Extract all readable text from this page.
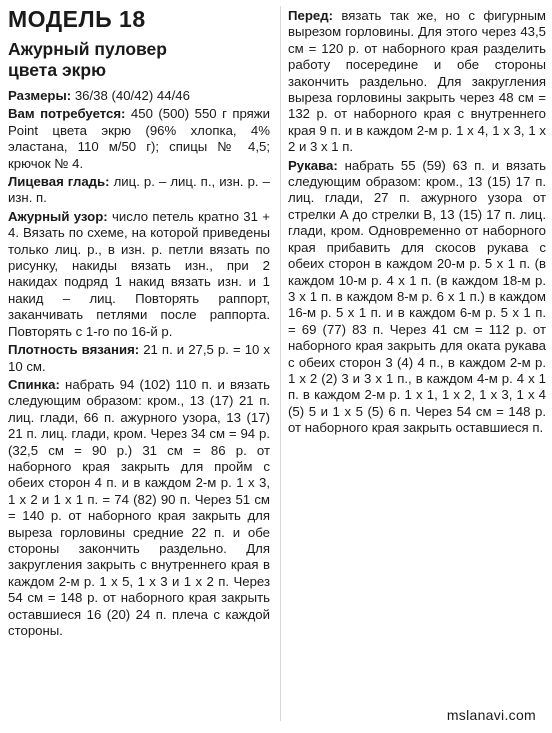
МОДЕЛЬ 18
Ажурный пуловер
цвета экрю

Размеры: 36/38 (40/42) 44/46

Вам потребуется: 450 (500) 550 г пряжи Point цвета экрю (96% хлопка, 4% эластана, 110 м/50 г); спицы № 4,5; крючок № 4.

Лицевая гладь: лиц. р. – лиц. п., изн. р. – изн. п.

Ажурный узор: число петель кратно 31 + 4. Вязать по схеме, на которой приведены только лиц. р., в изн. р. петли вязать по рисунку, накиды вязать изн., при 2 накидах подряд 1 накид вязать изн. и 1 накид – лиц. Повторять раппорт, заканчивать петлями после раппорта. Повторять с 1-го по 16-й р.

Плотность вязания: 21 п. и 27,5 р. = 10 х 10 см.

Спинка: набрать 94 (102) 110 п. и вязать следующим образом: кром., 13 (17) 21 п. лиц. глади, 66 п. ажурного узора, 13 (17) 21 п. лиц. глади, кром. Через 34 см = 94 р. (32,5 см = 90 р.) 31 см = 86 р. от наборного края закрыть для пройм с обеих сторон 4 п. и в каждом 2-м р. 1 х 3, 1 х 2 и 1 х 1 п. = 74 (82) 90 п. Через 51 см = 140 р. от наборного края закрыть для выреза горловины средние 22 п. и обе стороны закончить раздельно. Для закругления закрыть с внутреннего края в каждом 2-м р. 1 х 5, 1 х 3 и 1 х 2 п. Через 54 см = 148 р. от наборного края закрыть оставшиеся 16 (20) 24 п. плеча с каждой стороны.

Перед: вязать так же, но с фигурным вырезом горловины. Для этого через 43,5 см = 120 р. от наборного края разделить работу посередине и обе стороны закончить раздельно. Для закругления выреза горловины закрыть через 48 см = 132 р. от наборного края с внутреннего края 9 п. и в каждом 2-м р. 1 х 4, 1 х 3, 1 х 2 и 3 х 1 п.

Рукава: набрать 55 (59) 63 п. и вязать следующим образом: кром., 13 (15) 17 п. лиц. глади, 27 п. ажурного узора от стрелки А до стрелки В, 13 (15) 17 п. лиц. глади, кром. Одновременно от наборного края прибавить для скосов рукава с обеих сторон в каждом 20-м р. 5 х 1 п. (в каждом 10-м р. 4 х 1 п. (в каждом 18-м р. 3 х 1 п. в каждом 8-м р. 6 х 1 п.) в каждом 16-м р. 5 х 1 п. и в каждом 6-м р. 5 х 1 п. = 69 (77) 83 п. Через 41 см = 112 р. от наборного края закрыть для оката рукава с обеих сторон 3 (4) 4 п., в каждом 2-м р. 1 х 2 (2) 3 и 3 х 1 п., в каждом 4-м р. 4 х 1 п. в каждом 2-м р. 1 х 1, 1 х 2, 1 х 3, 1 х 4 (5) 5 и 1 х 5 (5) 6 п. Через 54 см = 148 р. от наборного края закрыть оставшиеся п.

mslanavi.com
